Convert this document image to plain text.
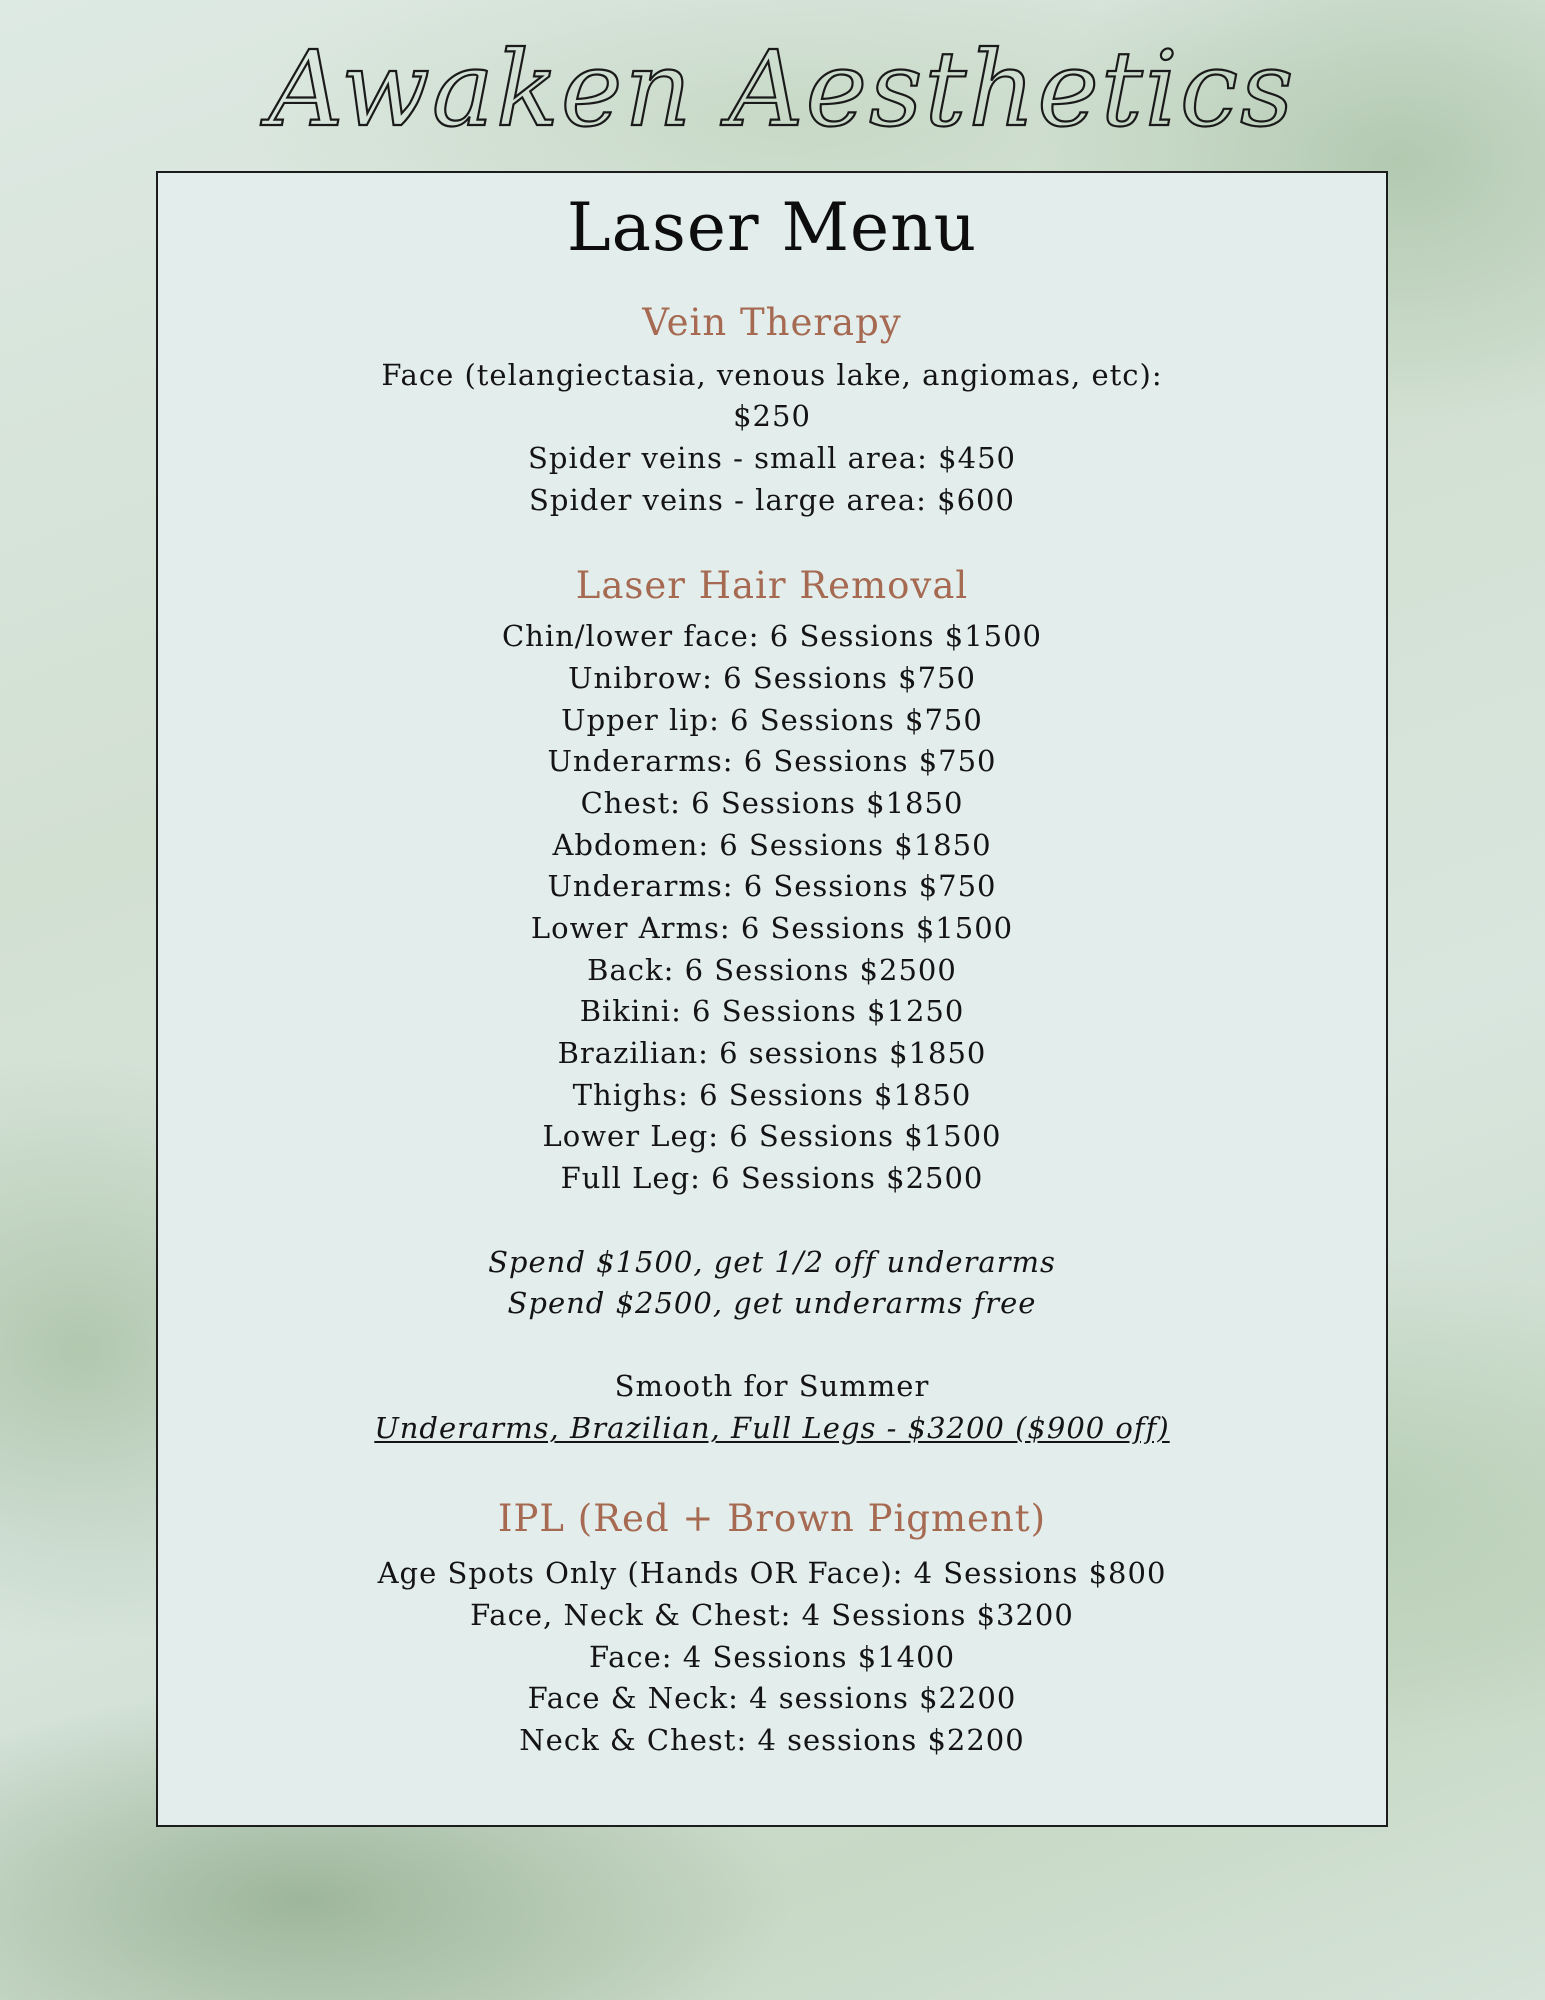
Awaken Aesthetics
Laser Menu
Vein Therapy
Face (telangiectasia, venous lake, angiomas, etc):
$250
Spider veins - small area: $450
Spider veins - large area: $600
Laser Hair Removal
Chin/lower face: 6 Sessions $1500
Unibrow: 6 Sessions $750
Upper lip: 6 Sessions $750
Underarms: 6 Sessions $750
Chest: 6 Sessions $1850
Abdomen: 6 Sessions $1850
Underarms: 6 Sessions $750
Lower Arms: 6 Sessions $1500
Back: 6 Sessions $2500
Bikini: 6 Sessions $1250
Brazilian: 6 sessions $1850
Thighs: 6 Sessions $1850
Lower Leg: 6 Sessions $1500
Full Leg: 6 Sessions $2500
Spend $1500, get 1/2 off underarms
Spend $2500, get underarms free
Smooth for Summer
Underarms, Brazilian, Full Legs - $3200 ($900 off)
IPL (Red + Brown Pigment)
Age Spots Only (Hands OR Face): 4 Sessions $800
Face, Neck & Chest: 4 Sessions $3200
Face: 4 Sessions $1400
Face & Neck: 4 sessions $2200
Neck & Chest: 4 sessions $2200
